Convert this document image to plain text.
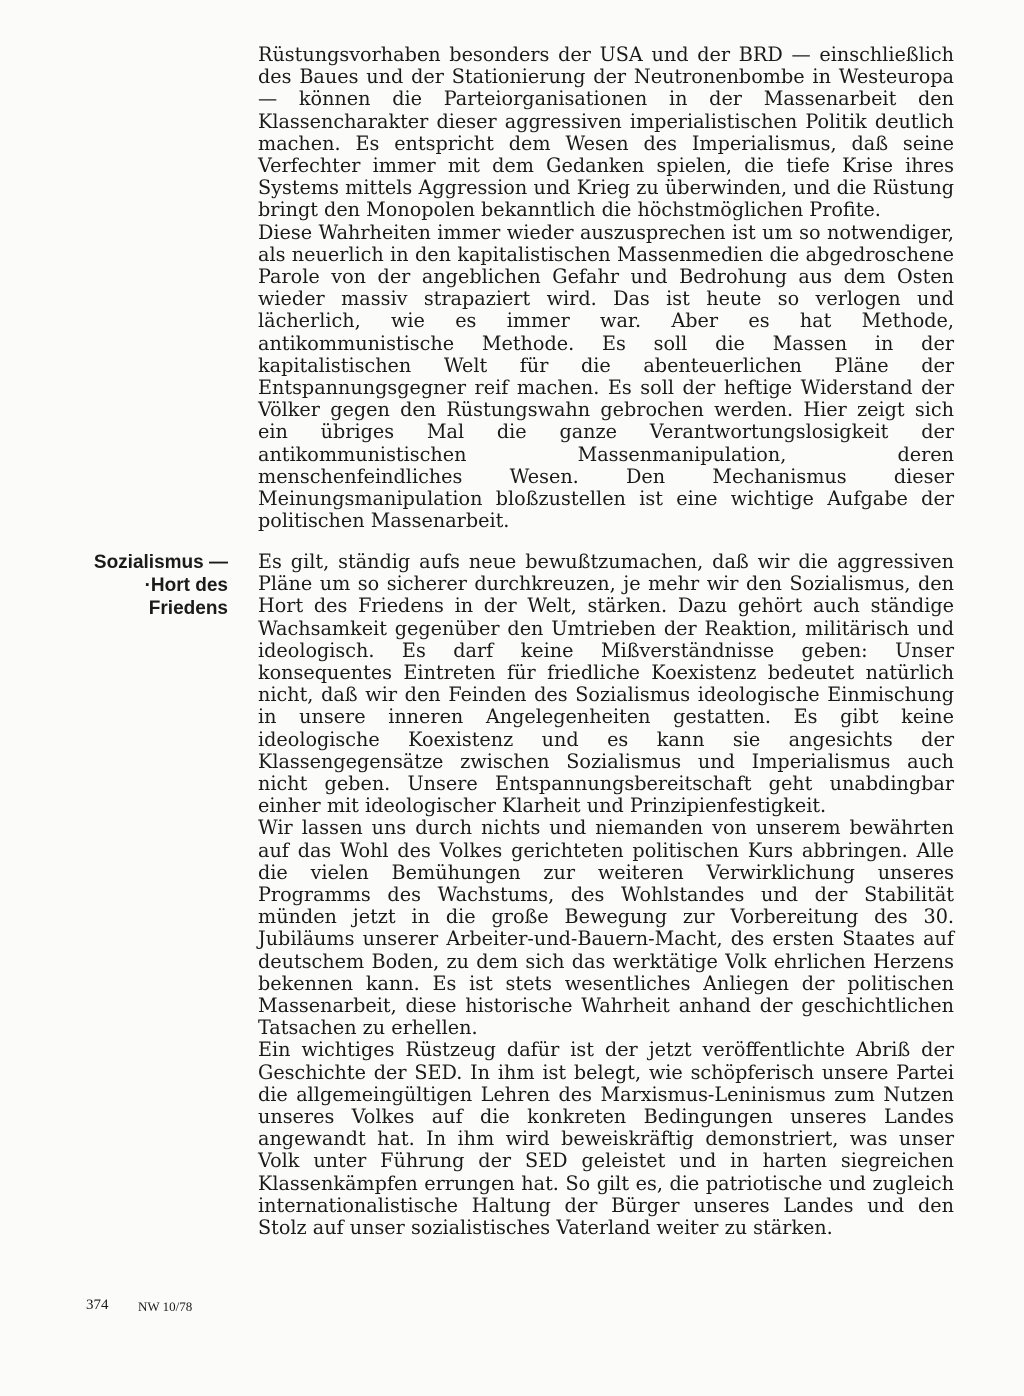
Rüstungsvorhaben besonders der USA und der BRD — einschließlich des Baues und der Stationierung der Neutronenbombe in Westeuropa — können die Parteiorganisationen in der Massenarbeit den Klassencharakter dieser aggressiven imperialistischen Politik deutlich machen. Es entspricht dem Wesen des Imperialismus, daß seine Verfechter immer mit dem Gedanken spielen, die tiefe Krise ihres Systems mittels Aggression und Krieg zu überwinden, und die Rüstung bringt den Monopolen bekanntlich die höchstmöglichen Profite.

Diese Wahrheiten immer wieder auszusprechen ist um so notwendiger, als neuerlich in den kapitalistischen Massenmedien die abgedroschene Parole von der angeblichen Gefahr und Bedrohung aus dem Osten wieder massiv strapaziert wird. Das ist heute so verlogen und lächerlich, wie es immer war. Aber es hat Methode, antikommunistische Methode. Es soll die Massen in der kapitalistischen Welt für die abenteuerlichen Pläne der Entspannungsgegner reif machen. Es soll der heftige Widerstand der Völker gegen den Rüstungswahn gebrochen werden. Hier zeigt sich ein übriges Mal die ganze Verantwortungslosigkeit der antikommunistischen Massenmanipulation, deren menschenfeindliches Wesen. Den Mechanismus dieser Meinungsmanipulation bloßzustellen ist eine wichtige Aufgabe der politischen Massenarbeit.

Sozialismus —
·Hort des Friedens

Es gilt, ständig aufs neue bewußtzumachen, daß wir die aggressiven Pläne um so sicherer durchkreuzen, je mehr wir den Sozialismus, den Hort des Friedens in der Welt, stärken. Dazu gehört auch ständige Wachsamkeit gegenüber den Umtrieben der Reaktion, militärisch und ideologisch. Es darf keine Mißverständnisse geben: Unser konsequentes Eintreten für friedliche Koexistenz bedeutet natürlich nicht, daß wir den Feinden des Sozialismus ideologische Einmischung in unsere inneren Angelegenheiten gestatten. Es gibt keine ideologische Koexistenz und es kann sie angesichts der Klassengegensätze zwischen Sozialismus und Imperialismus auch nicht geben. Unsere Entspannungsbereitschaft geht unabdingbar einher mit ideologischer Klarheit und Prinzipienfestigkeit.

Wir lassen uns durch nichts und niemanden von unserem bewährten auf das Wohl des Volkes gerichteten politischen Kurs abbringen. Alle die vielen Bemühungen zur weiteren Verwirklichung unseres Programms des Wachstums, des Wohlstandes und der Stabilität münden jetzt in die große Bewegung zur Vorbereitung des 30. Jubiläums unserer Arbeiter-und-Bauern-Macht, des ersten Staates auf deutschem Boden, zu dem sich das werktätige Volk ehrlichen Herzens bekennen kann. Es ist stets wesentliches Anliegen der politischen Massenarbeit, diese historische Wahrheit anhand der geschichtlichen Tatsachen zu erhellen.

Ein wichtiges Rüstzeug dafür ist der jetzt veröffentlichte Abriß der Geschichte der SED. In ihm ist belegt, wie schöpferisch unsere Partei die allgemeingültigen Lehren des Marxismus-Leninismus zum Nutzen unseres Volkes auf die konkreten Bedingungen unseres Landes angewandt hat. In ihm wird beweiskräftig demonstriert, was unser Volk unter Führung der SED geleistet und in harten siegreichen Klassenkämpfen errungen hat. So gilt es, die patriotische und zugleich internationalistische Haltung der Bürger unseres Landes und den Stolz auf unser sozialistisches Vaterland weiter zu stärken.

374 NW 10/78
